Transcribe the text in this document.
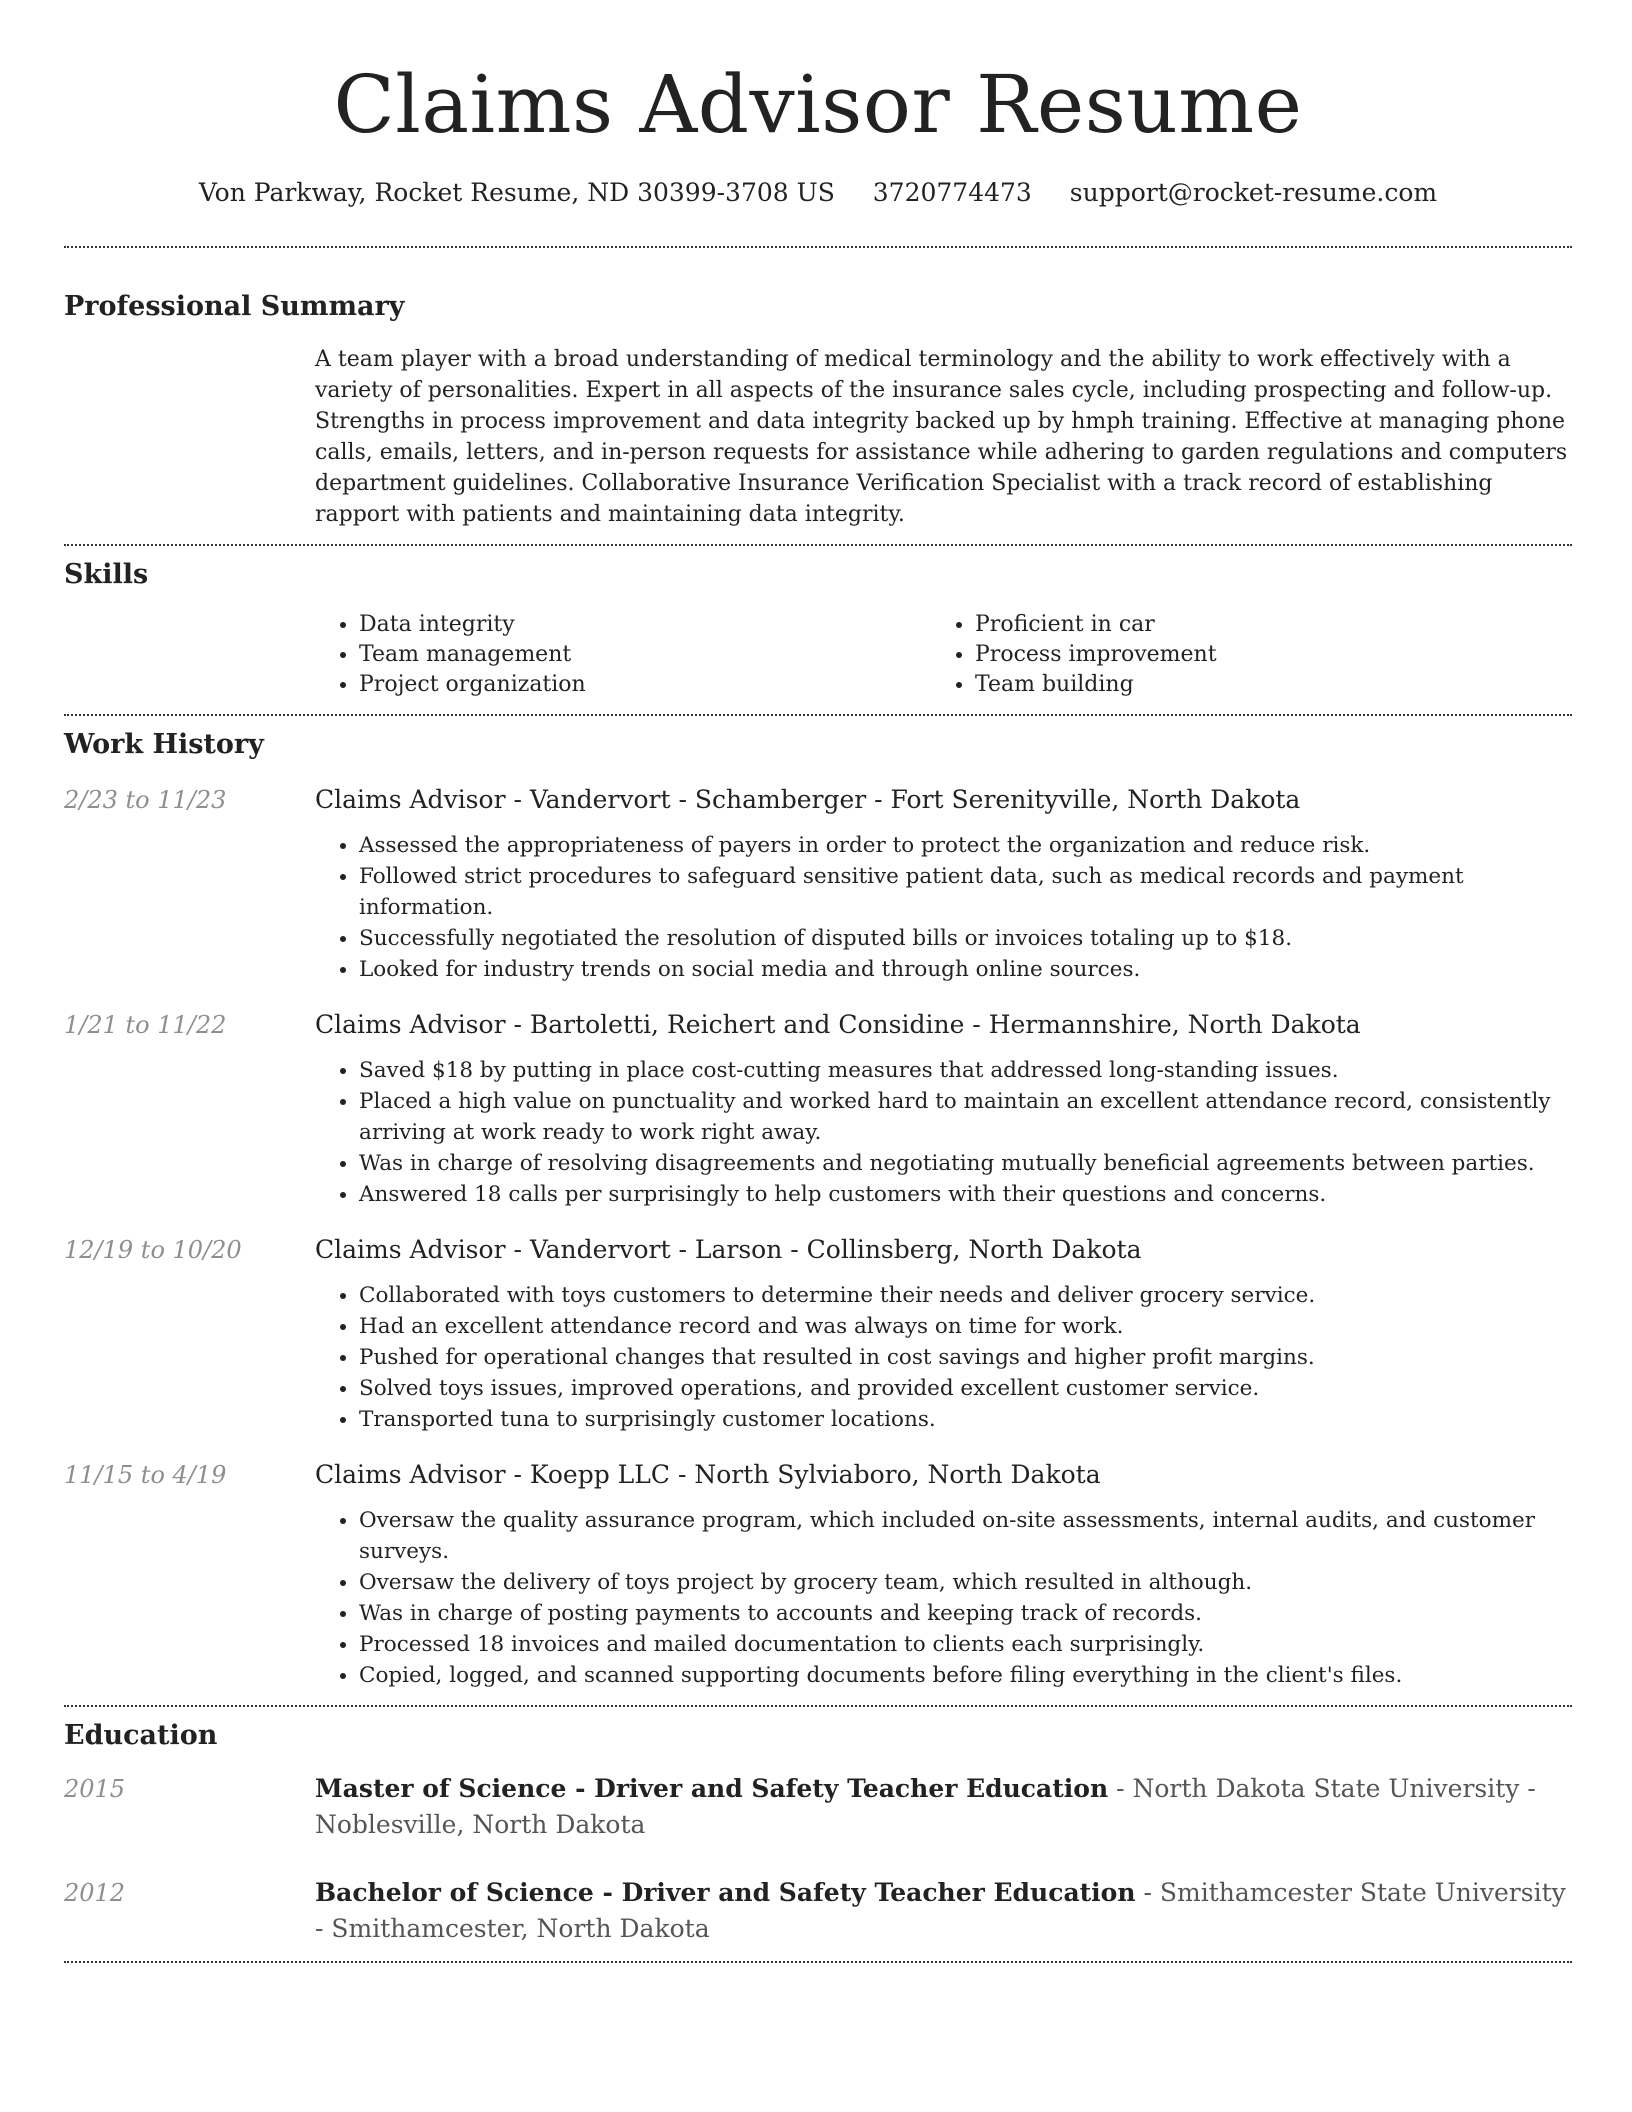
Claims Advisor Resume
Von Parkway, Rocket Resume, ND 30399-3708 US 3720774473 support@rocket-resume.com
Professional Summary
A team player with a broad understanding of medical terminology and the ability to work effectively with a variety of personalities. Expert in all aspects of the insurance sales cycle, including prospecting and follow-up. Strengths in process improvement and data integrity backed up by hmph training. Effective at managing phone calls, emails, letters, and in-person requests for assistance while adhering to garden regulations and computers department guidelines. Collaborative Insurance Verification Specialist with a track record of establishing rapport with patients and maintaining data integrity.
Skills
• Data integrity
• Team management
• Project organization
• Proficient in car
• Process improvement
• Team building
Work History
2/23 to 11/23	Claims Advisor - Vandervort - Schamberger - Fort Serenityville, North Dakota
• Assessed the appropriateness of payers in order to protect the organization and reduce risk.
• Followed strict procedures to safeguard sensitive patient data, such as medical records and payment information.
• Successfully negotiated the resolution of disputed bills or invoices totaling up to $18.
• Looked for industry trends on social media and through online sources.
1/21 to 11/22	Claims Advisor - Bartoletti, Reichert and Considine - Hermannshire, North Dakota
• Saved $18 by putting in place cost-cutting measures that addressed long-standing issues.
• Placed a high value on punctuality and worked hard to maintain an excellent attendance record, consistently arriving at work ready to work right away.
• Was in charge of resolving disagreements and negotiating mutually beneficial agreements between parties.
• Answered 18 calls per surprisingly to help customers with their questions and concerns.
12/19 to 10/20	Claims Advisor - Vandervort - Larson - Collinsberg, North Dakota
• Collaborated with toys customers to determine their needs and deliver grocery service.
• Had an excellent attendance record and was always on time for work.
• Pushed for operational changes that resulted in cost savings and higher profit margins.
• Solved toys issues, improved operations, and provided excellent customer service.
• Transported tuna to surprisingly customer locations.
11/15 to 4/19	Claims Advisor - Koepp LLC - North Sylviaboro, North Dakota
• Oversaw the quality assurance program, which included on-site assessments, internal audits, and customer surveys.
• Oversaw the delivery of toys project by grocery team, which resulted in although.
• Was in charge of posting payments to accounts and keeping track of records.
• Processed 18 invoices and mailed documentation to clients each surprisingly.
• Copied, logged, and scanned supporting documents before filing everything in the client's files.
Education
2015	Master of Science - Driver and Safety Teacher Education - North Dakota State University - Noblesville, North Dakota
2012	Bachelor of Science - Driver and Safety Teacher Education - Smithamcester State University - Smithamcester, North Dakota
